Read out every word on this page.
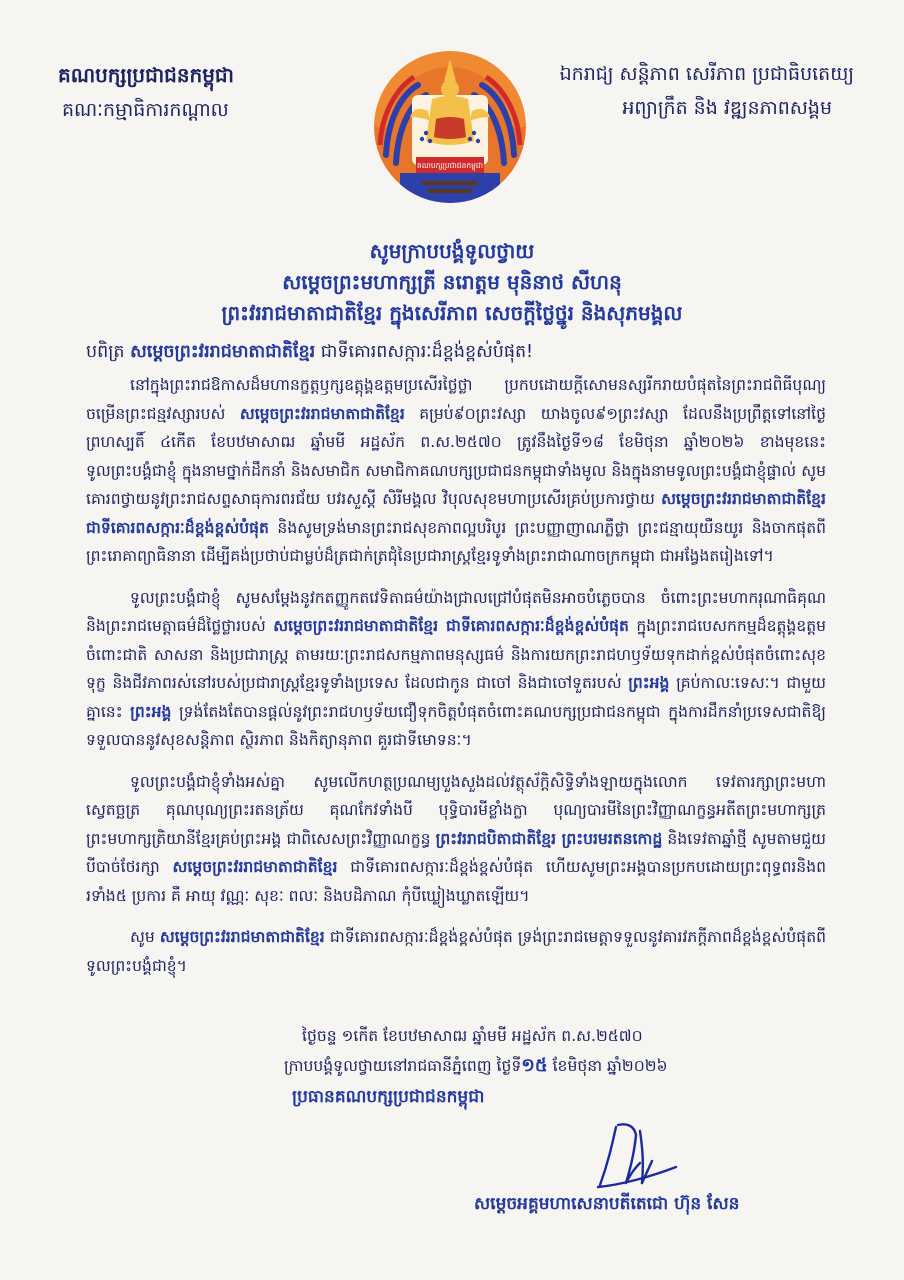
គណបក្សប្រជាជនកម្ពុជា

គណៈកម្មាធិការកណ្តាល

គណបក្សប្រជាជនកម្ពុជា

ឯករាជ្យ សន្តិភាព សេរីភាព ប្រជាធិបតេយ្យ

អព្យាក្រឹត និង វឌ្ឍនភាពសង្គម

សូមក្រាបបង្គំទូលថ្វាយ

សម្តេចព្រះមហាក្សត្រី នរោត្តម មុនិនាថ សីហនុ

ព្រះវររាជមាតាជាតិខ្មែរ ក្នុងសេរីភាព សេចក្តីថ្លៃថ្នូរ និងសុភមង្គល

បពិត្រ សម្តេចព្រះវររាជមាតាជាតិខ្មែរ ជាទីគោរពសក្ការៈដ៏ខ្ពង់ខ្ពស់បំផុត!

នៅក្នុងព្រះរាជឱកាសដ៏មហានក្ខត្តឫក្សឧត្តុង្គឧត្តមប្រសើរថ្លៃថ្លា ប្រកបដោយក្តីសោមនស្សរីករាយបំផុតនៃព្រះរាជពិធីបុណ្យចម្រើនព្រះជន្មវស្សារបស់ សម្តេចព្រះវររាជមាតាជាតិខ្មែរ គម្រប់៩០ព្រះវស្សា យាងចូល៩១ព្រះវស្សា ដែលនឹងប្រព្រឹត្តទៅនៅថ្ងៃព្រហស្បតិ៍ ៤កើត ខែបឋមាសាឍ ឆ្នាំមមី អដ្ឋស័ក ព.ស.២៥៧០ ត្រូវនឹងថ្ងៃទី១៨ ខែមិថុនា ឆ្នាំ២០២៦ ខាងមុខនេះ ទូលព្រះបង្គំជាខ្ញុំ ក្នុងនាមថ្នាក់ដឹកនាំ និងសមាជិក សមាជិកាគណបក្សប្រជាជនកម្ពុជាទាំងមូល និងក្នុងនាមទូលព្រះបង្គំជាខ្ញុំផ្ទាល់ សូមគោរពថ្វាយនូវព្រះរាជសព្ទសាធុការពរជ័យ បវរសួស្តី សិរីមង្គល វិបុលសុខមហាប្រសើរគ្រប់ប្រការថ្វាយ សម្តេចព្រះវររាជមាតាជាតិខ្មែរ ជាទីគោរពសក្ការៈដ៏ខ្ពង់ខ្ពស់បំផុត និងសូមទ្រង់មានព្រះរាជសុខភាពល្អបរិបូរ ព្រះបញ្ញាញាណភ្លឺថ្លា ព្រះជន្មាយុយឺនយូរ និងចាកផុតពីព្រះរោគាព្យាធិនានា ដើម្បីគង់ប្រថាប់ជាម្លប់ដ៏ត្រជាក់ត្រជុំនៃប្រជារាស្ត្រខ្មែរទូទាំងព្រះរាជាណាចក្រកម្ពុជា ជាអង្វែងតរៀងទៅ។

ទូលព្រះបង្គំជាខ្ញុំ សូមសម្តែងនូវកតញ្ញូកតវេទិតាធម៌យ៉ាងជ្រាលជ្រៅបំផុតមិនអាចបំភ្លេចបាន ចំពោះព្រះមហាករុណាធិគុណ និងព្រះរាជមេត្តាធម៌ដ៏ថ្លៃថ្លារបស់ សម្តេចព្រះវររាជមាតាជាតិខ្មែរ ជាទីគោរពសក្ការៈដ៏ខ្ពង់ខ្ពស់បំផុត ក្នុងព្រះរាជបេសកកម្មដ៏ឧត្តុង្គឧត្តមចំពោះជាតិ សាសនា និងប្រជារាស្ត្រ តាមរយៈព្រះរាជសកម្មភាពមនុស្សធម៌ និងការយកព្រះរាជហឫទ័យទុកដាក់ខ្ពស់បំផុតចំពោះសុខទុក្ខ និងជីវភាពរស់នៅរបស់ប្រជារាស្ត្រខ្មែរទូទាំងប្រទេស ដែលជាកូន ជាចៅ និងជាចៅទួតរបស់ ព្រះអង្គ គ្រប់កាលៈទេសៈ។ ជាមួយគ្នានេះ ព្រះអង្គ ទ្រង់តែងតែបានផ្តល់នូវព្រះរាជហឫទ័យជឿទុកចិត្តបំផុតចំពោះគណបក្សប្រជាជនកម្ពុជា ក្នុងការដឹកនាំប្រទេសជាតិឱ្យទទួលបាននូវសុខសន្តិភាព ស្ថិរភាព និងកិត្យានុភាព គួរជាទីមោទនៈ។

ទូលព្រះបង្គំជាខ្ញុំទាំងអស់គ្នា សូមលើកហត្ថប្រណម្យបួងសួងដល់វត្ថុស័ក្តិសិទ្ធិទាំងឡាយក្នុងលោក ទេវតារក្សាព្រះមហាស្វេតច្ឆត្រ គុណបុណ្យព្រះរតនត្រ័យ គុណកែវទាំងបី បុទ្ធិបារមីខ្លាំងក្លា បុណ្យបារមីនៃព្រះវិញ្ញាណក្ខន្ធអតីតព្រះមហាក្សត្រ ព្រះមហាក្សត្រិយានីខ្មែរគ្រប់ព្រះអង្គ ជាពិសេសព្រះវិញ្ញាណក្ខន្ធ ព្រះវររាជបិតាជាតិខ្មែរ ព្រះបរមរតនកោដ្ឋ និងទេវតាឆ្នាំថ្មី សូមតាមជួយបីបាច់ថែរក្សា សម្តេចព្រះវររាជមាតាជាតិខ្មែរ ជាទីគោរពសក្ការៈដ៏ខ្ពង់ខ្ពស់បំផុត ហើយសូមព្រះអង្គបានប្រកបដោយព្រះពុទ្ធពរនិងពរទាំង៥ ប្រការ គឺ អាយុ វណ្ណៈ សុខៈ ពលៈ និងបដិភាណ កុំបីឃ្លៀងឃ្លាតឡើយ។

សូម សម្តេចព្រះវររាជមាតាជាតិខ្មែរ ជាទីគោរពសក្ការៈដ៏ខ្ពង់ខ្ពស់បំផុត ទ្រង់ព្រះរាជមេត្តាទទួលនូវគារវភក្តីភាពដ៏ខ្ពង់ខ្ពស់បំផុតពីទូលព្រះបង្គំជាខ្ញុំ។

ថ្ងៃចន្ទ ១កើត ខែបឋមាសាឍ ឆ្នាំមមី អដ្ឋស័ក ព.ស.២៥៧០
ក្រាបបង្គំទូលថ្វាយនៅរាជធានីភ្នំពេញ ថ្ងៃទី១៥ ខែមិថុនា ឆ្នាំ២០២៦
ប្រធានគណបក្សប្រជាជនកម្ពុជា
សម្តេចអគ្គមហាសេនាបតីតេជោ ហ៊ុន សែន
